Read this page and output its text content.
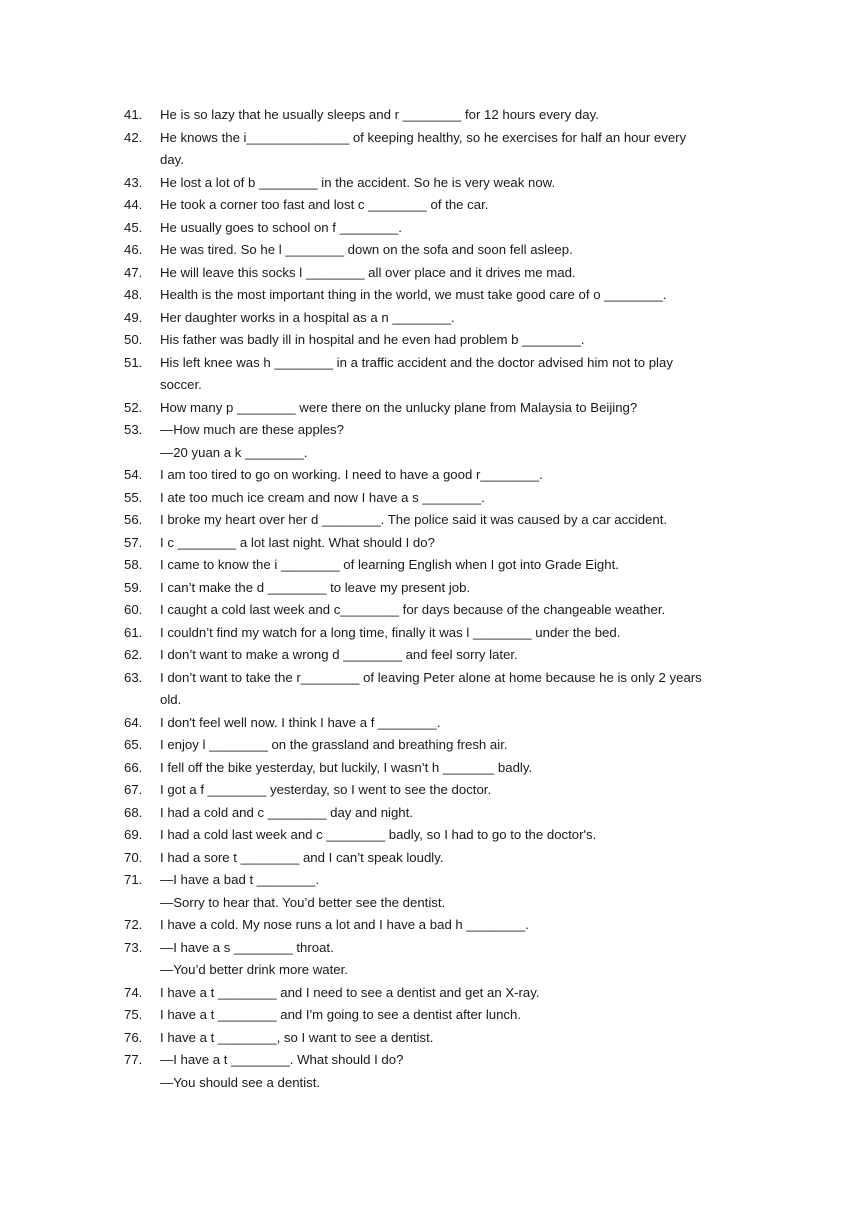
41.	He is so lazy that he usually sleeps and r ________ for 12 hours every day.
42.	He knows the i______________ of keeping healthy, so he exercises for half an hour every
day.
43.	He lost a lot of b ________ in the accident. So he is very weak now.
44.	He took a corner too fast and lost c ________ of the car.
45.	He usually goes to school on f ________.
46.	He was tired. So he l ________ down on the sofa and soon fell asleep.
47.	He will leave this socks l ________ all over place and it drives me mad.
48.	Health is the most important thing in the world, we must take good care of o ________.
49.	Her daughter works in a hospital as a n ________.
50.	His father was badly ill in hospital and he even had problem b ________.
51.	His left knee was h ________ in a traffic accident and the doctor advised him not to play
soccer.
52.	How many p ________ were there on the unlucky plane from Malaysia to Beijing?
53.	—How much are these apples?
—20 yuan a k ________.
54.	I am too tired to go on working. I need to have a good r________.
55.	I ate too much ice cream and now I have a s ________.
56.	I broke my heart over her d ________. The police said it was caused by a car accident.
57.	I c ________ a lot last night. What should I do?
58.	I came to know the i ________ of learning English when I got into Grade Eight.
59.	I can’t make the d ________ to leave my present job.
60.	I caught a cold last week and c________ for days because of the changeable weather.
61.	I couldn’t find my watch for a long time, finally it was l ________ under the bed.
62.	I don’t want to make a wrong d ________ and feel sorry later.
63.	I don’t want to take the r________ of leaving Peter alone at home because he is only 2 years
old.
64.	I don't feel well now. I think I have a f ________.
65.	I enjoy l ________ on the grassland and breathing fresh air.
66.	I fell off the bike yesterday, but luckily, I wasn’t h _______ badly.
67.	I got a f ________ yesterday, so I went to see the doctor.
68.	I had a cold and c ________ day and night.
69.	I had a cold last week and c ________ badly, so I had to go to the doctor's.
70.	I had a sore t ________ and I can’t speak loudly.
71.	—I have a bad t ________.
—Sorry to hear that. You’d better see the dentist.
72.	I have a cold. My nose runs a lot and I have a bad h ________.
73.	—I have a s ________ throat.
—You’d better drink more water.
74.	I have a t ________ and I need to see a dentist and get an X-ray.
75.	I have a t ________ and I'm going to see a dentist after lunch.
76.	I have a t ________, so I want to see a dentist.
77.	—I have a t ________. What should I do?
—You should see a dentist.
